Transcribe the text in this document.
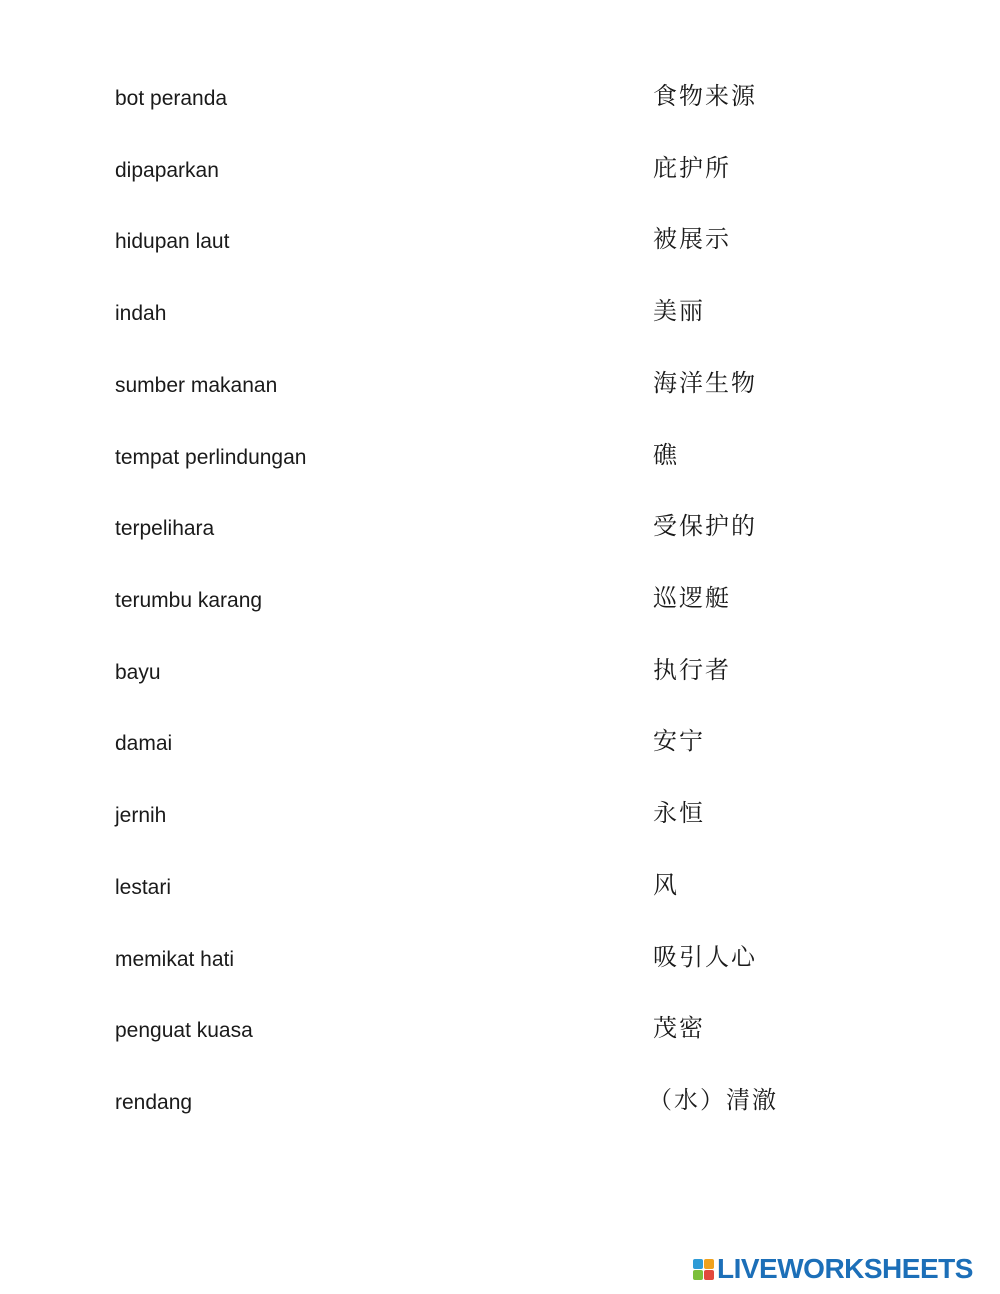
bot peranda	食物来源
dipaparkan	庇护所
hidupan laut	被展示
indah	美丽
sumber makanan	海洋生物
tempat perlindungan	礁
terpelihara	受保护的
terumbu karang	巡逻艇
bayu	执行者
damai	安宁
jernih	永恒
lestari	风
memikat hati	吸引人心
penguat kuasa	茂密
rendang	（水）清澈
LIVEWORKSHEETS
